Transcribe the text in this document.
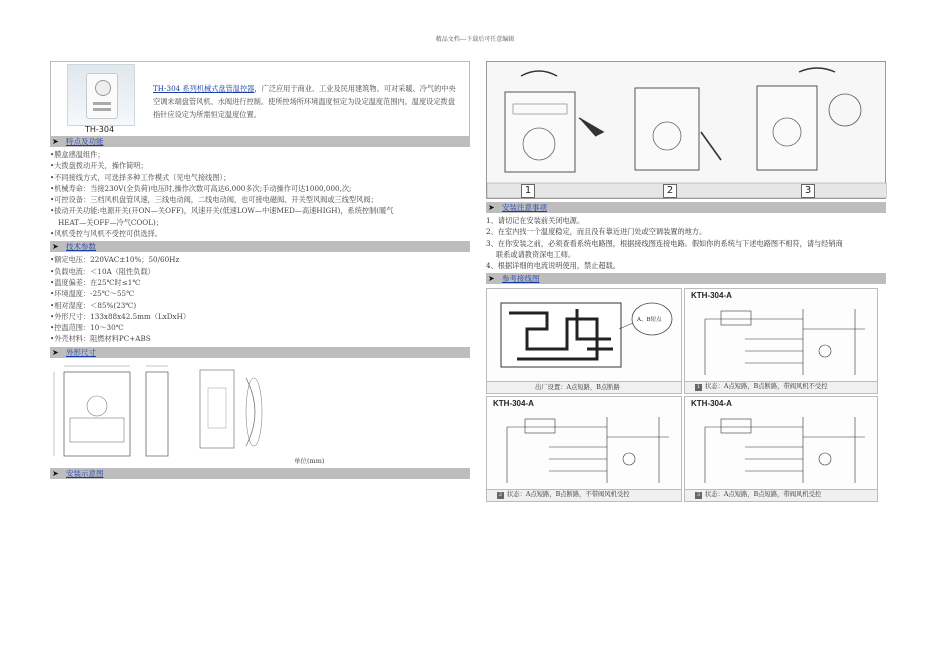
精品文档---下载后可任意编辑
TH-304
TH-304 系列机械式盘管温控器，广泛应用于商业、工业及民用建筑物。可对采暖、冷气的中央空调末端盘管风机、水阀进行控制。使所控场所环境温度恒定为设定温度范围内。温度设定拨盘指针应设定为所需恒定温度位置。
➤ 特点及功能
•膜盒感温组件；
•大拨盘拨动开关，操作简明；
•不同接线方式，可选择多种工作模式（见电气接线图）；
•机械寿命：当接230V(全负荷)电压时,操作次数可高达6,000多次;手动操作可达1000,000,次;
•可控设备：三档风机盘管风速，三线电动阀，二线电动阀，也可接电磁阀、开关型风阀或三线型风阀；
•拔动开关功能:电源开关(开ON—关OFF)，风速开关(低速LOW—中速MED—高速HIGH)，系统控制(暖气
HEAT—关OFF—冷气COOL)；
•风机受控与风机不受控可供选择。
➤ 技术参数
•额定电压：220VAC±10%；50/60Hz
•负载电流：＜10A（阻性负载）
•温度偏差：在25℃时≤1℃
•环境温度：-25℃～55℃
•相对湿度：＜85%(23℃)
•外形尺寸：133x88x42.5mm（LxDxH）
•控温范围：10～30℃
•外壳材料：阻燃材料PC+ABS
➤ 外形尺寸
单位(mm)
➤ 安装示意图
1	2	3
➤ 安装注意事项
1、请切记在安装前关闭电源。
2、在室内找一个温度稳定，而且没有靠近进门处或空调装置的地方。
3、在你安装之前，必须查看系统电路图，根据接线图连接电路。假如你的系统与下述电路图不相符，请与经销商
联系或请教资深电工师。
4、根据详细的电流说明使用，禁止超载。
➤ 参考接线图
A、B短点
出厂设置：A点短路，B点断路
KTH-304-A
1 状态：A点短路，B点断路，带阀风机不受控
KTH-304-A
2 状态：A点短路，B点断路，不带阀风机受控
KTH-304-A
3 状态：A点短路，B点短路，带阀风机受控
